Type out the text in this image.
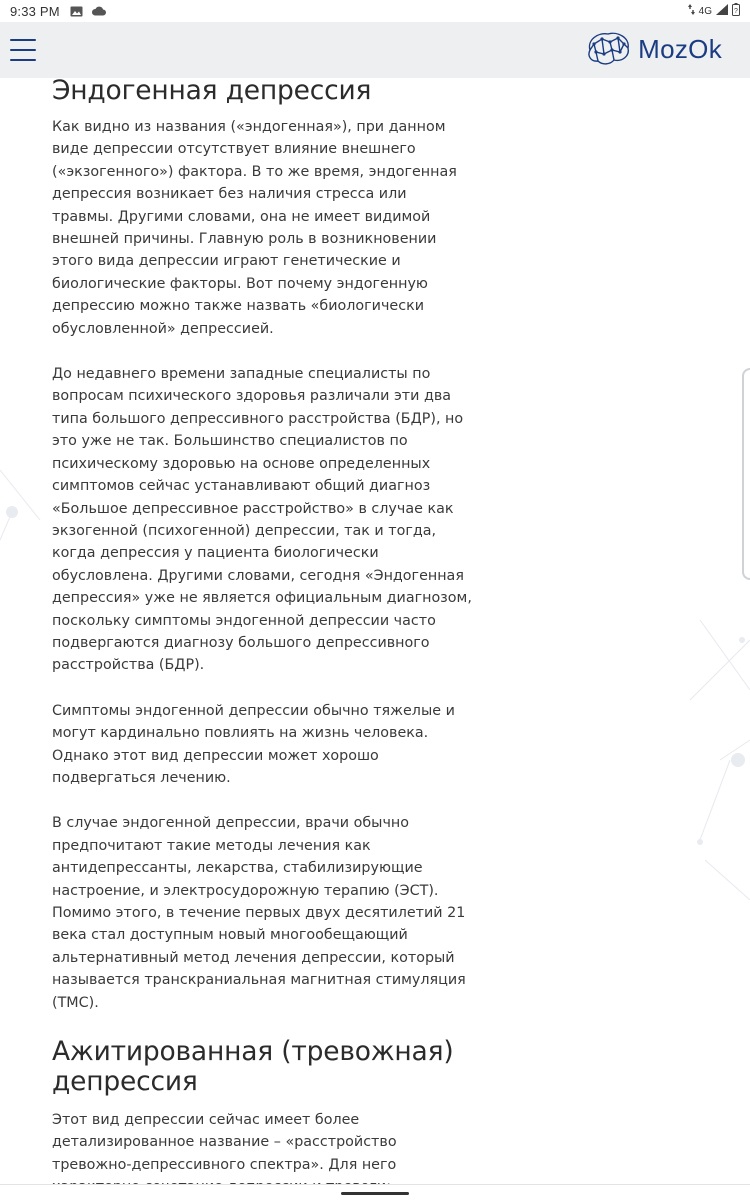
9:33 PM	4G	?
MozOk
Эндогенная депрессия

Как видно из названия («эндогенная»), при данном виде депрессии отсутствует влияние внешнего («экзогенного») фактора. В то же время, эндогенная депрессия возникает без наличия стресса или травмы. Другими словами, она не имеет видимой внешней причины. Главную роль в возникновении этого вида депрессии играют генетические и биологические факторы. Вот почему эндогенную депрессию можно также назвать «биологически обусловленной» депрессией.

До недавнего времени западные специалисты по вопросам психического здоровья различали эти два типа большого депрессивного расстройства (БДР), но это уже не так. Большинство специалистов по психическому здоровью на основе определенных симптомов сейчас устанавливают общий диагноз «Большое депрессивное расстройство» в случае как экзогенной (психогенной) депрессии, так и тогда, когда депрессия у пациента биологически обусловлена. Другими словами, сегодня «Эндогенная депрессия» уже не является официальным диагнозом, поскольку симптомы эндогенной депрессии часто подвергаются диагнозу большого депрессивного расстройства (БДР).

Симптомы эндогенной депрессии обычно тяжелые и могут кардинально повлиять на жизнь человека. Однако этот вид депрессии может хорошо подвергаться лечению.

В случае эндогенной депрессии, врачи обычно предпочитают такие методы лечения как антидепрессанты, лекарства, стабилизирующие настроение, и электросудорожную терапию (ЭСТ). Помимо этого, в течение первых двух десятилетий 21 века стал доступным новый многообещающий альтернативный метод лечения депрессии, который называется транскраниальная магнитная стимуляция (ТМС).

Ажитированная (тревожная) депрессия

Этот вид депрессии сейчас имеет более детализированное название – «расстройство тревожно-депрессивного спектра». Для него
